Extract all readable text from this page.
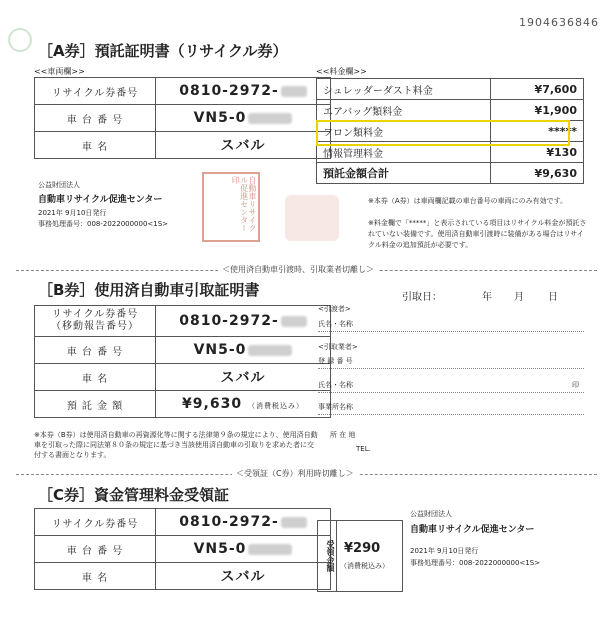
1904636846
［A券］預託証明書（リサイクル券）
<<車両欄>>	<<料金欄>>
リサイクル券番号	0810-2972-
車 台 番 号	VN5-0
車 名	スバル
シュレッダーダスト料金	¥7,600
エアバッグ類料金	¥1,900
フロン類料金	*****
情報管理料金	¥130
預託金額合計	¥9,630
公益財団法人
自動車リサイクル促進センター
2021年 9月10日発行
事務処理番号：008-2022000000<1S>	自動車リサイクル促進センター印
※本券（A券）は車両欄記載の車台番号の車両にのみ有効です。
※料金欄で「*****」と表示されている項目はリサイクル料金が預託されていない装備です。使用済自動車引渡時に装備がある場合はリサイクル料金の追加預託が必要です。
＜使用済自動車引渡時、引取業者切離し＞
［B券］使用済自動車引取証明書	引取日：	年 月 日
リサイクル券番号
（移動報告番号）	0810-2972-
車 台 番 号	VN5-0
車 名	スバル
預 託 金 額	¥9,630 （消費税込み）
<引渡者>
氏名・名称
<引取業者>
登 録 番 号
氏名・名称	印
事業所名称
※本券（B券）は使用済自動車の再資源化等に関する法律第９条の規定により、使用済自動車を引取った際に同法第８０条の規定に基づき当該使用済自動車の引取りを求めた者に交付する書面となります。
所 在 地
TEL.
＜受領証（C券）利用時切離し＞
［C券］資金管理料金受領証
リサイクル券番号	0810-2972-
車 台 番 号	VN5-0
車 名	スバル
受領金額 ¥290
（消費税込み）
公益財団法人
自動車リサイクル促進センター
2021年 9月10日発行
事務処理番号：008-2022000000<1S>
